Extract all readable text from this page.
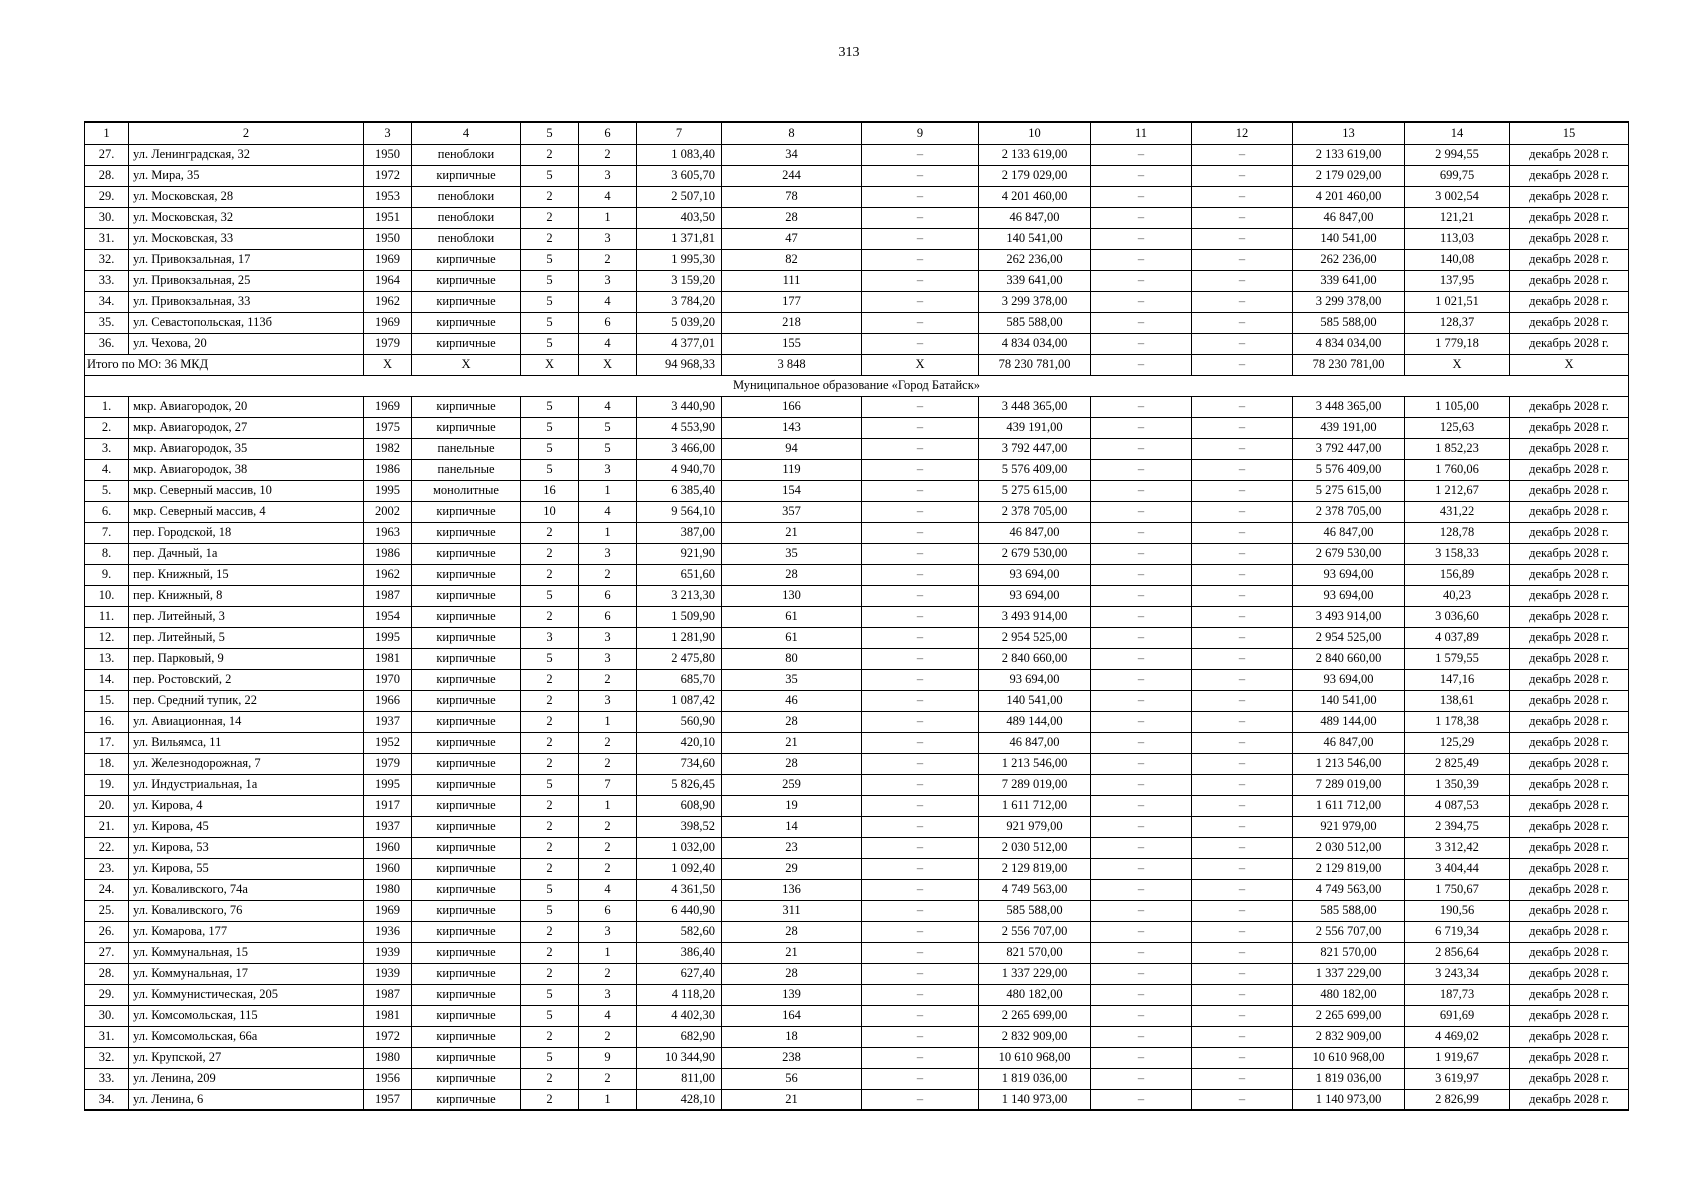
313
1	2	3	4	5	6	7	8	9	10	11	12	13	14	15
27.	ул. Ленинградская, 32	1950	пеноблоки	2	2	1 083,40	34	–	2 133 619,00	–	–	2 133 619,00	2 994,55	декабрь 2028 г.
28.	ул. Мира, 35	1972	кирпичные	5	3	3 605,70	244	–	2 179 029,00	–	–	2 179 029,00	699,75	декабрь 2028 г.
29.	ул. Московская, 28	1953	пеноблоки	2	4	2 507,10	78	–	4 201 460,00	–	–	4 201 460,00	3 002,54	декабрь 2028 г.
30.	ул. Московская, 32	1951	пеноблоки	2	1	403,50	28	–	46 847,00	–	–	46 847,00	121,21	декабрь 2028 г.
31.	ул. Московская, 33	1950	пеноблоки	2	3	1 371,81	47	–	140 541,00	–	–	140 541,00	113,03	декабрь 2028 г.
32.	ул. Привокзальная, 17	1969	кирпичные	5	2	1 995,30	82	–	262 236,00	–	–	262 236,00	140,08	декабрь 2028 г.
33.	ул. Привокзальная, 25	1964	кирпичные	5	3	3 159,20	111	–	339 641,00	–	–	339 641,00	137,95	декабрь 2028 г.
34.	ул. Привокзальная, 33	1962	кирпичные	5	4	3 784,20	177	–	3 299 378,00	–	–	3 299 378,00	1 021,51	декабрь 2028 г.
35.	ул. Севастопольская, 113б	1969	кирпичные	5	6	5 039,20	218	–	585 588,00	–	–	585 588,00	128,37	декабрь 2028 г.
36.	ул. Чехова, 20	1979	кирпичные	5	4	4 377,01	155	–	4 834 034,00	–	–	4 834 034,00	1 779,18	декабрь 2028 г.
Итого по МО: 36 МКД		Х	Х	Х	Х	94 968,33	3 848	Х	78 230 781,00	–	–	78 230 781,00	Х	Х
Муниципальное образование «Город Батайск»														
1.	мкр. Авиагородок, 20	1969	кирпичные	5	4	3 440,90	166	–	3 448 365,00	–	–	3 448 365,00	1 105,00	декабрь 2028 г.
2.	мкр. Авиагородок, 27	1975	кирпичные	5	5	4 553,90	143	–	439 191,00	–	–	439 191,00	125,63	декабрь 2028 г.
3.	мкр. Авиагородок, 35	1982	панельные	5	5	3 466,00	94	–	3 792 447,00	–	–	3 792 447,00	1 852,23	декабрь 2028 г.
4.	мкр. Авиагородок, 38	1986	панельные	5	3	4 940,70	119	–	5 576 409,00	–	–	5 576 409,00	1 760,06	декабрь 2028 г.
5.	мкр. Северный массив, 10	1995	монолитные	16	1	6 385,40	154	–	5 275 615,00	–	–	5 275 615,00	1 212,67	декабрь 2028 г.
6.	мкр. Северный массив, 4	2002	кирпичные	10	4	9 564,10	357	–	2 378 705,00	–	–	2 378 705,00	431,22	декабрь 2028 г.
7.	пер. Городской, 18	1963	кирпичные	2	1	387,00	21	–	46 847,00	–	–	46 847,00	128,78	декабрь 2028 г.
8.	пер. Дачный, 1а	1986	кирпичные	2	3	921,90	35	–	2 679 530,00	–	–	2 679 530,00	3 158,33	декабрь 2028 г.
9.	пер. Книжный, 15	1962	кирпичные	2	2	651,60	28	–	93 694,00	–	–	93 694,00	156,89	декабрь 2028 г.
10.	пер. Книжный, 8	1987	кирпичные	5	6	3 213,30	130	–	93 694,00	–	–	93 694,00	40,23	декабрь 2028 г.
11.	пер. Литейный, 3	1954	кирпичные	2	6	1 509,90	61	–	3 493 914,00	–	–	3 493 914,00	3 036,60	декабрь 2028 г.
12.	пер. Литейный, 5	1995	кирпичные	3	3	1 281,90	61	–	2 954 525,00	–	–	2 954 525,00	4 037,89	декабрь 2028 г.
13.	пер. Парковый, 9	1981	кирпичные	5	3	2 475,80	80	–	2 840 660,00	–	–	2 840 660,00	1 579,55	декабрь 2028 г.
14.	пер. Ростовский, 2	1970	кирпичные	2	2	685,70	35	–	93 694,00	–	–	93 694,00	147,16	декабрь 2028 г.
15.	пер. Средний тупик, 22	1966	кирпичные	2	3	1 087,42	46	–	140 541,00	–	–	140 541,00	138,61	декабрь 2028 г.
16.	ул. Авиационная, 14	1937	кирпичные	2	1	560,90	28	–	489 144,00	–	–	489 144,00	1 178,38	декабрь 2028 г.
17.	ул. Вильямса, 11	1952	кирпичные	2	2	420,10	21	–	46 847,00	–	–	46 847,00	125,29	декабрь 2028 г.
18.	ул. Железнодорожная, 7	1979	кирпичные	2	2	734,60	28	–	1 213 546,00	–	–	1 213 546,00	2 825,49	декабрь 2028 г.
19.	ул. Индустриальная, 1а	1995	кирпичные	5	7	5 826,45	259	–	7 289 019,00	–	–	7 289 019,00	1 350,39	декабрь 2028 г.
20.	ул. Кирова, 4	1917	кирпичные	2	1	608,90	19	–	1 611 712,00	–	–	1 611 712,00	4 087,53	декабрь 2028 г.
21.	ул. Кирова, 45	1937	кирпичные	2	2	398,52	14	–	921 979,00	–	–	921 979,00	2 394,75	декабрь 2028 г.
22.	ул. Кирова, 53	1960	кирпичные	2	2	1 032,00	23	–	2 030 512,00	–	–	2 030 512,00	3 312,42	декабрь 2028 г.
23.	ул. Кирова, 55	1960	кирпичные	2	2	1 092,40	29	–	2 129 819,00	–	–	2 129 819,00	3 404,44	декабрь 2028 г.
24.	ул. Коваливского, 74а	1980	кирпичные	5	4	4 361,50	136	–	4 749 563,00	–	–	4 749 563,00	1 750,67	декабрь 2028 г.
25.	ул. Коваливского, 76	1969	кирпичные	5	6	6 440,90	311	–	585 588,00	–	–	585 588,00	190,56	декабрь 2028 г.
26.	ул. Комарова, 177	1936	кирпичные	2	3	582,60	28	–	2 556 707,00	–	–	2 556 707,00	6 719,34	декабрь 2028 г.
27.	ул. Коммунальная, 15	1939	кирпичные	2	1	386,40	21	–	821 570,00	–	–	821 570,00	2 856,64	декабрь 2028 г.
28.	ул. Коммунальная, 17	1939	кирпичные	2	2	627,40	28	–	1 337 229,00	–	–	1 337 229,00	3 243,34	декабрь 2028 г.
29.	ул. Коммунистическая, 205	1987	кирпичные	5	3	4 118,20	139	–	480 182,00	–	–	480 182,00	187,73	декабрь 2028 г.
30.	ул. Комсомольская, 115	1981	кирпичные	5	4	4 402,30	164	–	2 265 699,00	–	–	2 265 699,00	691,69	декабрь 2028 г.
31.	ул. Комсомольская, 66а	1972	кирпичные	2	2	682,90	18	–	2 832 909,00	–	–	2 832 909,00	4 469,02	декабрь 2028 г.
32.	ул. Крупской, 27	1980	кирпичные	5	9	10 344,90	238	–	10 610 968,00	–	–	10 610 968,00	1 919,67	декабрь 2028 г.
33.	ул. Ленина, 209	1956	кирпичные	2	2	811,00	56	–	1 819 036,00	–	–	1 819 036,00	3 619,97	декабрь 2028 г.
34.	ул. Ленина, 6	1957	кирпичные	2	1	428,10	21	–	1 140 973,00	–	–	1 140 973,00	2 826,99	декабрь 2028 г.
